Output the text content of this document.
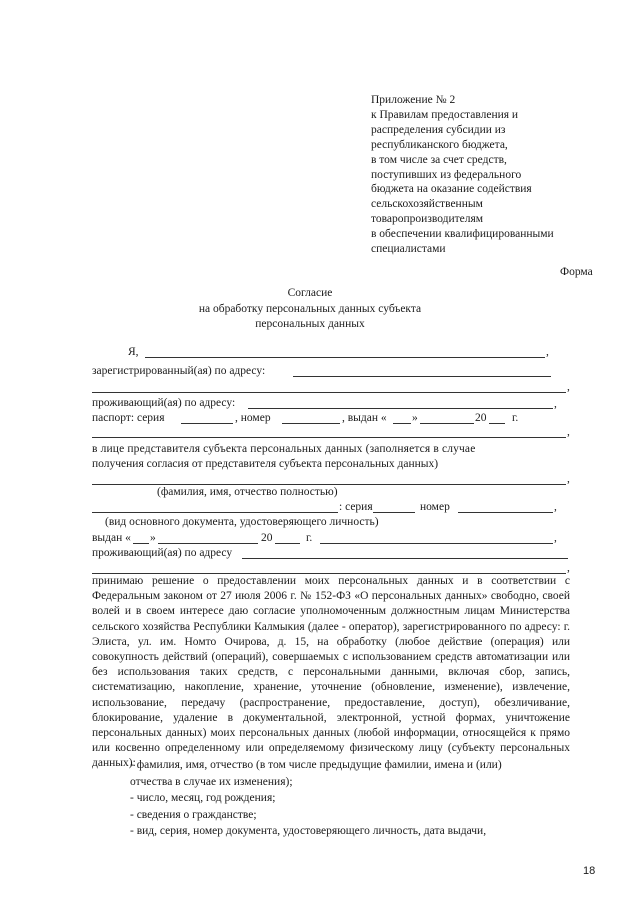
Приложение № 2
к Правилам предоставления и
распределения субсидии из
республиканского бюджета,
в том числе за счет средств,
поступивших из федерального
бюджета на оказание содействия
сельскохозяйственным
товаропроизводителям
в обеспечении квалифицированными
специалистами
Форма
Согласие
на обработку персональных данных субъекта
персональных данных
Я,	,
зарегистрированный(ая) по адресу:
,
проживающий(ая) по адресу:	,
паспорт: серия	, номер	, выдан « »	20 г.
,
в лице представителя субъекта персональных данных (заполняется в случае
получения согласия от представителя субъекта персональных данных)
,
(фамилия, имя, отчество полностью)
: серия	номер	,
(вид основного документа, удостоверяющего личность)
выдан « »	20	г.	,
проживающий(ая) по адресу
,

принимаю решение о предоставлении моих персональных данных и в соответствии с Федеральным законом от 27 июля 2006 г. № 152-ФЗ «О персональных данных» свободно, своей волей и в своем интересе даю согласие уполномоченным должностным лицам Министерства сельского хозяйства Республики Калмыкия (далее - оператор), зарегистрированного по адресу: г. Элиста, ул. им. Номто Очирова, д. 15, на обработку (любое действие (операция) или совокупность действий (операций), совершаемых с использованием средств автоматизации или без использования таких средств, с персональными данными, включая сбор, запись, систематизацию, накопление, хранение, уточнение (обновление, изменение), извлечение, использование, передачу (распространение, предоставление, доступ), обезличивание, блокирование, удаление в документальной, электронной, устной формах, уничтожение персональных данных) моих персональных данных (любой информации, относящейся к прямо или косвенно определенному или определяемому физическому лицу (субъекту персональных данных):

- фамилия, имя, отчество (в том числе предыдущие фамилии, имена и (или)
отчества в случае их изменения);
- число, месяц, год рождения;
- сведения о гражданстве;
- вид, серия, номер документа, удостоверяющего личность, дата выдачи,
18
